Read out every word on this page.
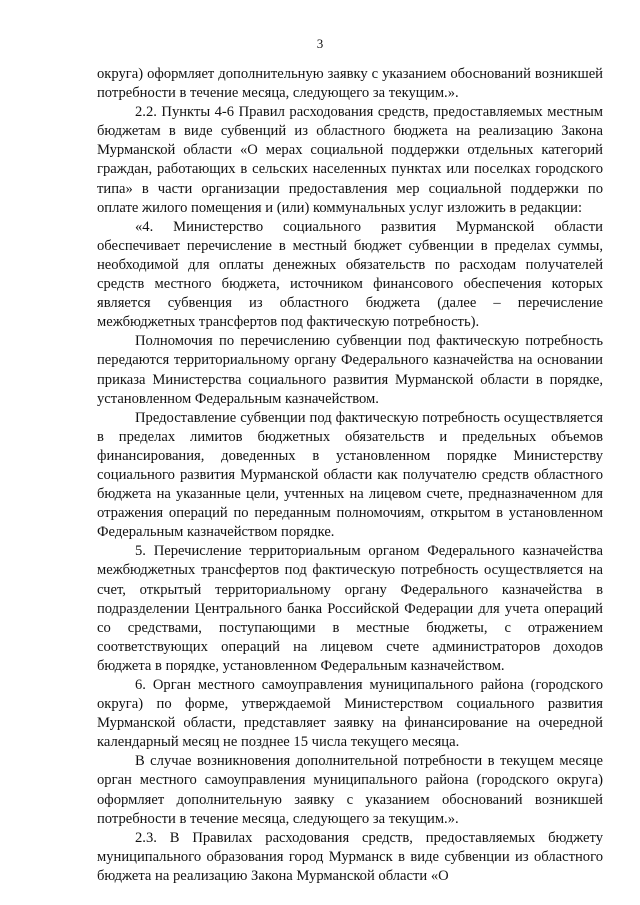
3

округа) оформляет дополнительную заявку с указанием обоснований возникшей потребности в течение месяца, следующего за текущим.».

2.2. Пункты 4-6 Правил расходования средств, предоставляемых местным бюджетам в виде субвенций из областного бюджета на реализацию Закона Мурманской области «О мерах социальной поддержки отдельных категорий граждан, работающих в сельских населенных пунктах или поселках городского типа» в части организации предоставления мер социальной поддержки по оплате жилого помещения и (или) коммунальных услуг изложить в редакции:

«4. Министерство социального развития Мурманской области обеспечивает перечисление в местный бюджет субвенции в пределах суммы, необходимой для оплаты денежных обязательств по расходам получателей средств местного бюджета, источником финансового обеспечения которых является субвенция из областного бюджета (далее – перечисление межбюджетных трансфертов под фактическую потребность).

Полномочия по перечислению субвенции под фактическую потребность передаются территориальному органу Федерального казначейства на основании приказа Министерства социального развития Мурманской области в порядке, установленном Федеральным казначейством.

Предоставление субвенции под фактическую потребность осуществляется в пределах лимитов бюджетных обязательств и предельных объемов финансирования, доведенных в установленном порядке Министерству социального развития Мурманской области как получателю средств областного бюджета на указанные цели, учтенных на лицевом счете, предназначенном для отражения операций по переданным полномочиям, открытом в установленном Федеральным казначейством порядке.

5. Перечисление территориальным органом Федерального казначейства межбюджетных трансфертов под фактическую потребность осуществляется на счет, открытый территориальному органу Федерального казначейства в подразделении Центрального банка Российской Федерации для учета операций со средствами, поступающими в местные бюджеты, с отражением соответствующих операций на лицевом счете администраторов доходов бюджета в порядке, установленном Федеральным казначейством.

6. Орган местного самоуправления муниципального района (городского округа) по форме, утверждаемой Министерством социального развития Мурманской области, представляет заявку на финансирование на очередной календарный месяц не позднее 15 числа текущего месяца.

В случае возникновения дополнительной потребности в текущем месяце орган местного самоуправления муниципального района (городского округа) оформляет дополнительную заявку с указанием обоснований возникшей потребности в течение месяца, следующего за текущим.».

2.3. В Правилах расходования средств, предоставляемых бюджету муниципального образования город Мурманск в виде субвенции из областного бюджета на реализацию Закона Мурманской области «О
